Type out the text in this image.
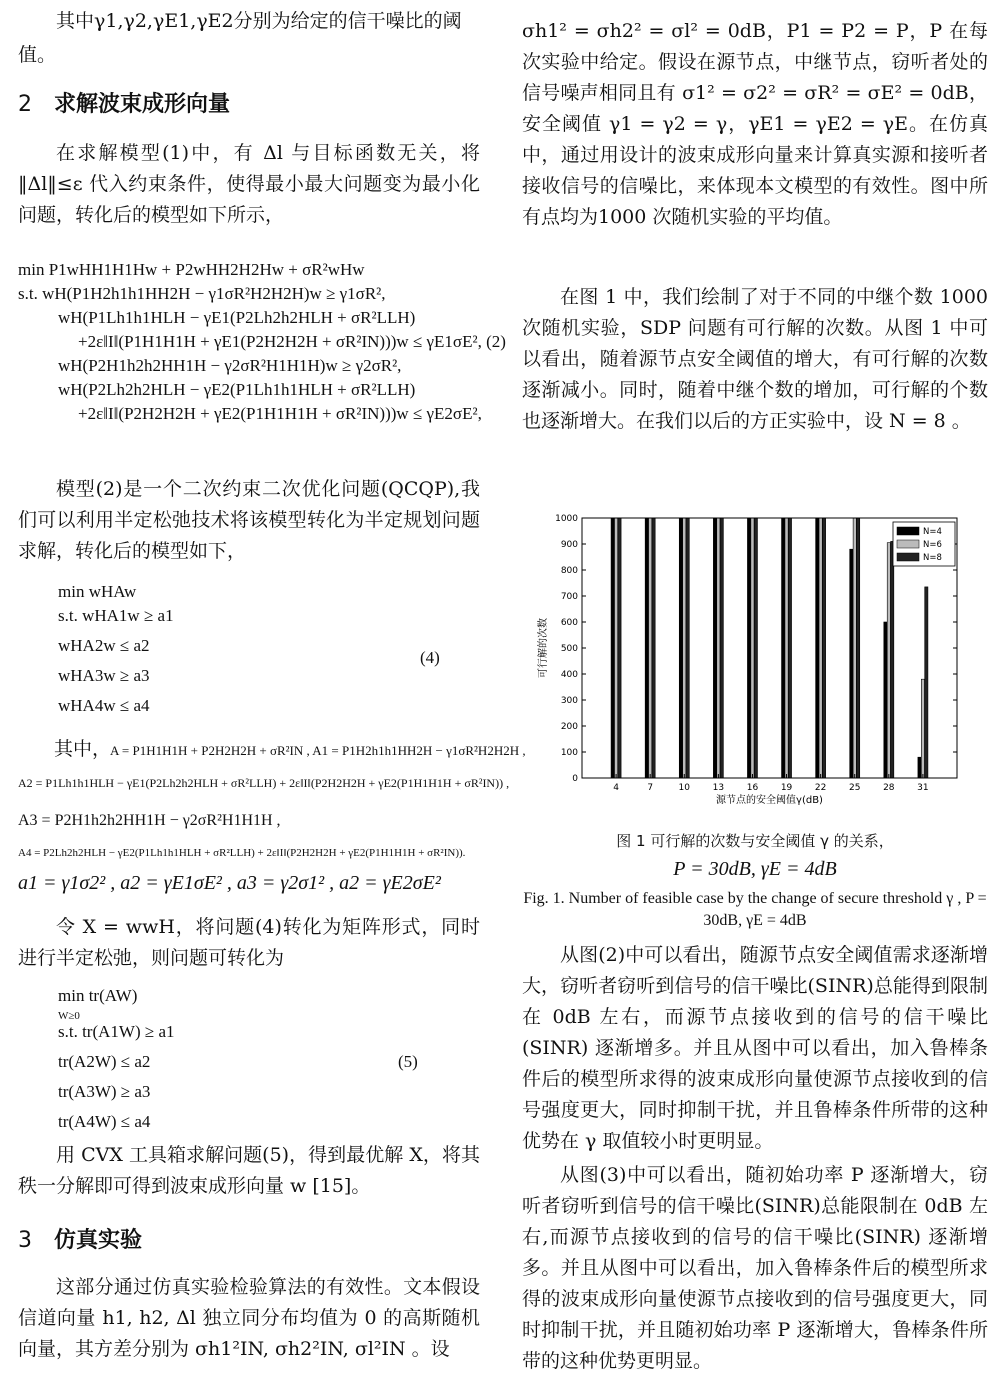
其中γ1,γ2,γE1,γE2分别为给定的信干噪比的阈

值。

2 求解波束成形向量

在求解模型(1)中，有 Δl 与目标函数无关，将‖Δl‖≤ε 代入约束条件，使得最小最大问题变为最小化问题，转化后的模型如下所示，

min P1wHH1H1Hw + P2wHH2H2Hw + σR²wHw
s.t. wH(P1H2h1h1HH2H − γ1σR²H2H2H)w ≥ γ1σR²,
wH(P1Lh1h1HLH − γE1(P2Lh2h2HLH + σR²LLH)
+2ε‖I‖(P1H1H1H + γE1(P2H2H2H + σR²IN)))w ≤ γE1σE², (2)
wH(P2H1h2h2HH1H − γ2σR²H1H1H)w ≥ γ2σR²,
wH(P2Lh2h2HLH − γE2(P1Lh1h1HLH + σR²LLH)
+2ε‖I‖(P2H2H2H + γE2(P1H1H1H + σR²IN)))w ≤ γE2σE²,

模型(2)是一个二次约束二次优化问题(QCQP),我们可以利用半定松弛技术将该模型转化为半定规划问题求解，转化后的模型如下，

min wHAw
s.t. wHA1w ≥ a1
wHA2w ≤ a2
wHA3w ≥ a3
wHA4w ≤ a4
(4)

其中，

A = P1H1H1H + P2H2H2H + σR²IN , A1 = P1H2h1h1HH2H − γ1σR²H2H2H ,
A2 = P1Lh1h1HLH − γE1(P2Lh2h2HLH + σR²LLH) + 2ε‖I‖(P2H2H2H + γE2(P1H1H1H + σR²IN)) ,
A3 = P2H1h2h2HH1H − γ2σR²H1H1H ,
A4 = P2Lh2h2HLH − γE2(P1Lh1h1HLH + σR²LLH) + 2ε‖I‖(P2H2H2H + γE2(P1H1H1H + σR²IN)).
a1 = γ1σ2² , a2 = γE1σE² , a3 = γ2σ1² , a2 = γE2σE²

令 X = wwH，将问题(4)转化为矩阵形式，同时进行半定松弛，则问题可转化为

min tr(AW)
s.t. tr(A1W) ≥ a1
tr(A2W) ≤ a2
tr(A3W) ≥ a3
tr(A4W) ≤ a4
W≥0
(5)

用 CVX 工具箱求解问题(5)，得到最优解 X，将其秩一分解即可得到波束成形向量 w [15]。

3 仿真实验

这部分通过仿真实验检验算法的有效性。文本假设信道向量 h1, h2, Δl 独立同分布均值为 0 的高斯随机向量，其方差分别为 σh1²IN, σh2²IN, σl²IN 。设

σh1² = σh2² = σl² = 0dB，P1 = P2 = P，P 在每次实验中给定。假设在源节点，中继节点，窃听者处的信号噪声相同且有 σ1² = σ2² = σR² = σE² = 0dB，安全阈值 γ1 = γ2 = γ，γE1 = γE2 = γE。在仿真中，通过用设计的波束成形向量来计算真实源和接听者接收信号的信噪比，来体现本文模型的有效性。图中所有点均为1000 次随机实验的平均值。

在图 1 中，我们绘制了对于不同的中继个数 1000 次随机实验，SDP 问题有可行解的次数。从图 1 中可以看出，随着源节点安全阈值的增大，有可行解的次数逐渐减小。同时，随着中继个数的增加，可行解的个数也逐渐增大。在我们以后的方正实验中，设 N = 8 。

0
100
200
300
400
500
600
700
800
900
1000
4	7	10	13	16	19	22	25	28	31
源节点的安全阈值γ(dB)
可行解的次数
N=4
N=6
N=8
图 1 可行解的次数与安全阈值 γ 的关系，
P = 30dB, γE = 4dB
Fig. 1. Number of feasible case by the change of secure threshold γ , P = 30dB, γE = 4dB

从图(2)中可以看出，随源节点安全阈值需求逐渐增大，窃听者窃听到信号的信干噪比(SINR)总能得到限制在 0dB 左右，而源节点接收到的信号的信干噪比(SINR) 逐渐增多。并且从图中可以看出，加入鲁棒条件后的模型所求得的波束成形向量使源节点接收到的信号强度更大，同时抑制干扰，并且鲁棒条件所带的这种优势在 γ 取值较小时更明显。

从图(3)中可以看出，随初始功率 P 逐渐增大，窃听者窃听到信号的信干噪比(SINR)总能限制在 0dB 左右,而源节点接收到的信号的信干噪比(SINR) 逐渐增多。并且从图中可以看出，加入鲁棒条件后的模型所求得的波束成形向量使源节点接收到的信号强度更大，同时抑制干扰，并且随初始功率 P 逐渐增大，鲁棒条件所带的这种优势更明显。
